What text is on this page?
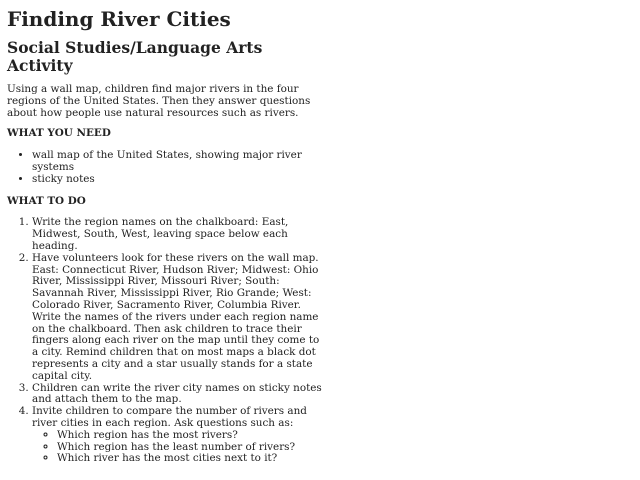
Finding River Cities
Social Studies/Language Arts Activity

Using a wall map, children find major rivers in the four regions of the United States. Then they answer questions about how people use natural resources such as rivers.

WHAT YOU NEED
• wall map of the United States, showing major river systems
• sticky notes
WHAT TO DO
1. Write the region names on the chalkboard: East, Midwest, South, West, leaving space below each heading.
2. Have volunteers look for these rivers on the wall map. East: Connecticut River, Hudson River; Midwest: Ohio River, Mississippi River, Missouri River; South: Savannah River, Mississippi River, Rio Grande; West: Colorado River, Sacramento River, Columbia River. Write the names of the rivers under each region name on the chalkboard. Then ask children to trace their fingers along each river on the map until they come to a city. Remind children that on most maps a black dot represents a city and a star usually stands for a state capital city.
3. Children can write the river city names on sticky notes and attach them to the map.
4. Invite children to compare the number of rivers and river cities in each region. Ask questions such as:
◦ Which region has the most rivers?
◦ Which region has the least number of rivers?
◦ Which river has the most cities next to it?
